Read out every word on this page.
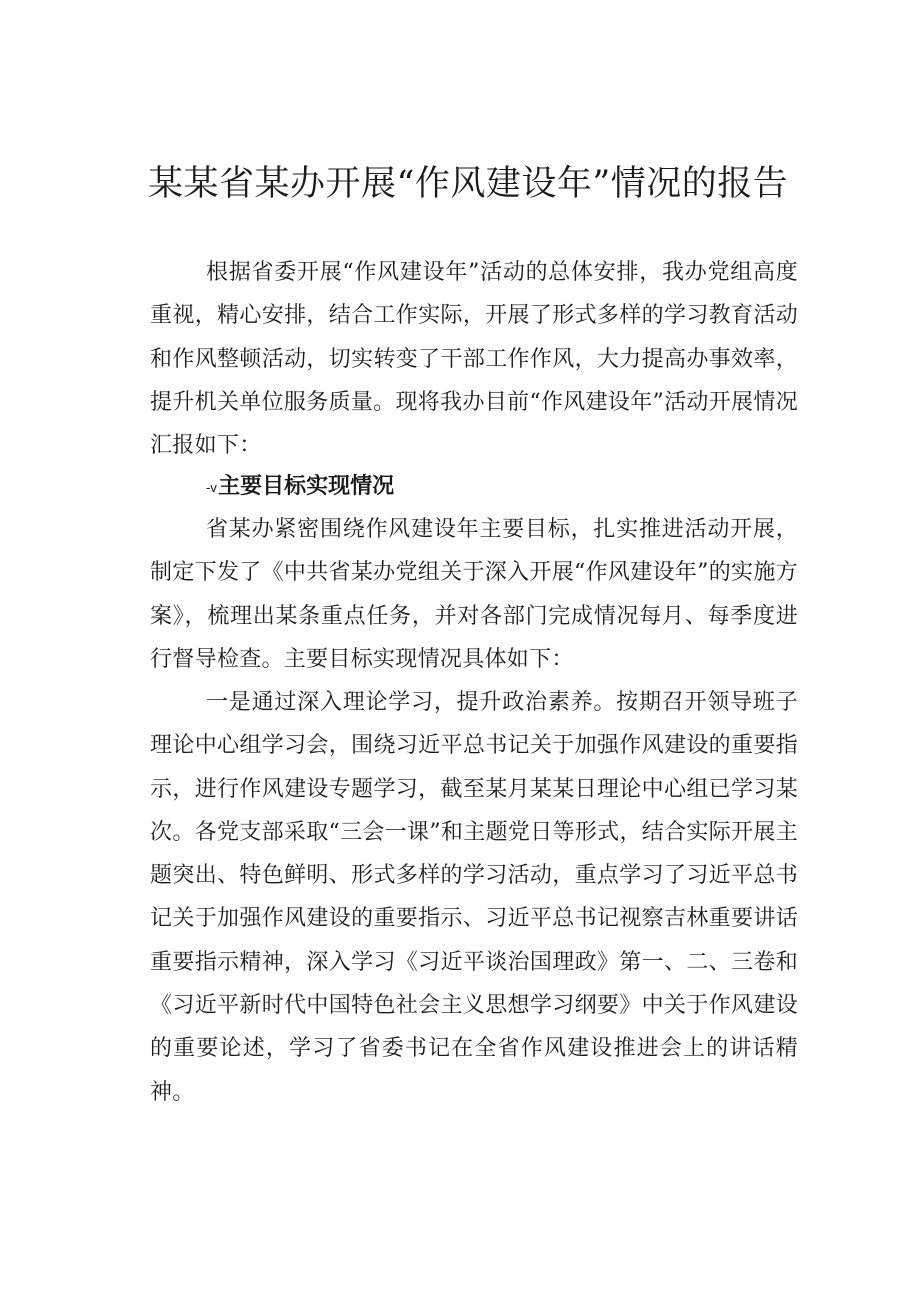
某某省某办开展“作风建设年”情况的报告

根据省委开展“作风建设年”活动的总体安排，我办党组高度重视，精心安排，结合工作实际，开展了形式多样的学习教育活动和作风整顿活动，切实转变了干部工作作风，大力提高办事效率，提升机关单位服务质量。现将我办目前“作风建设年”活动开展情况汇报如下：

-v主要目标实现情况

省某办紧密围绕作风建设年主要目标，扎实推进活动开展，制定下发了《中共省某办党组关于深入开展“作风建设年”的实施方案》，梳理出某条重点任务，并对各部门完成情况每月、每季度进行督导检查。主要目标实现情况具体如下：

一是通过深入理论学习，提升政治素养。按期召开领导班子理论中心组学习会，围绕习近平总书记关于加强作风建设的重要指示，进行作风建设专题学习，截至某月某某日理论中心组已学习某次。各党支部采取“三会一课”和主题党日等形式，结合实际开展主题突出、特色鲜明、形式多样的学习活动，重点学习了习近平总书记关于加强作风建设的重要指示、习近平总书记视察吉林重要讲话重要指示精神，深入学习《习近平谈治国理政》第一、二、三卷和《习近平新时代中国特色社会主义思想学习纲要》中关于作风建设的重要论述，学习了省委书记在全省作风建设推进会上的讲话精神。
